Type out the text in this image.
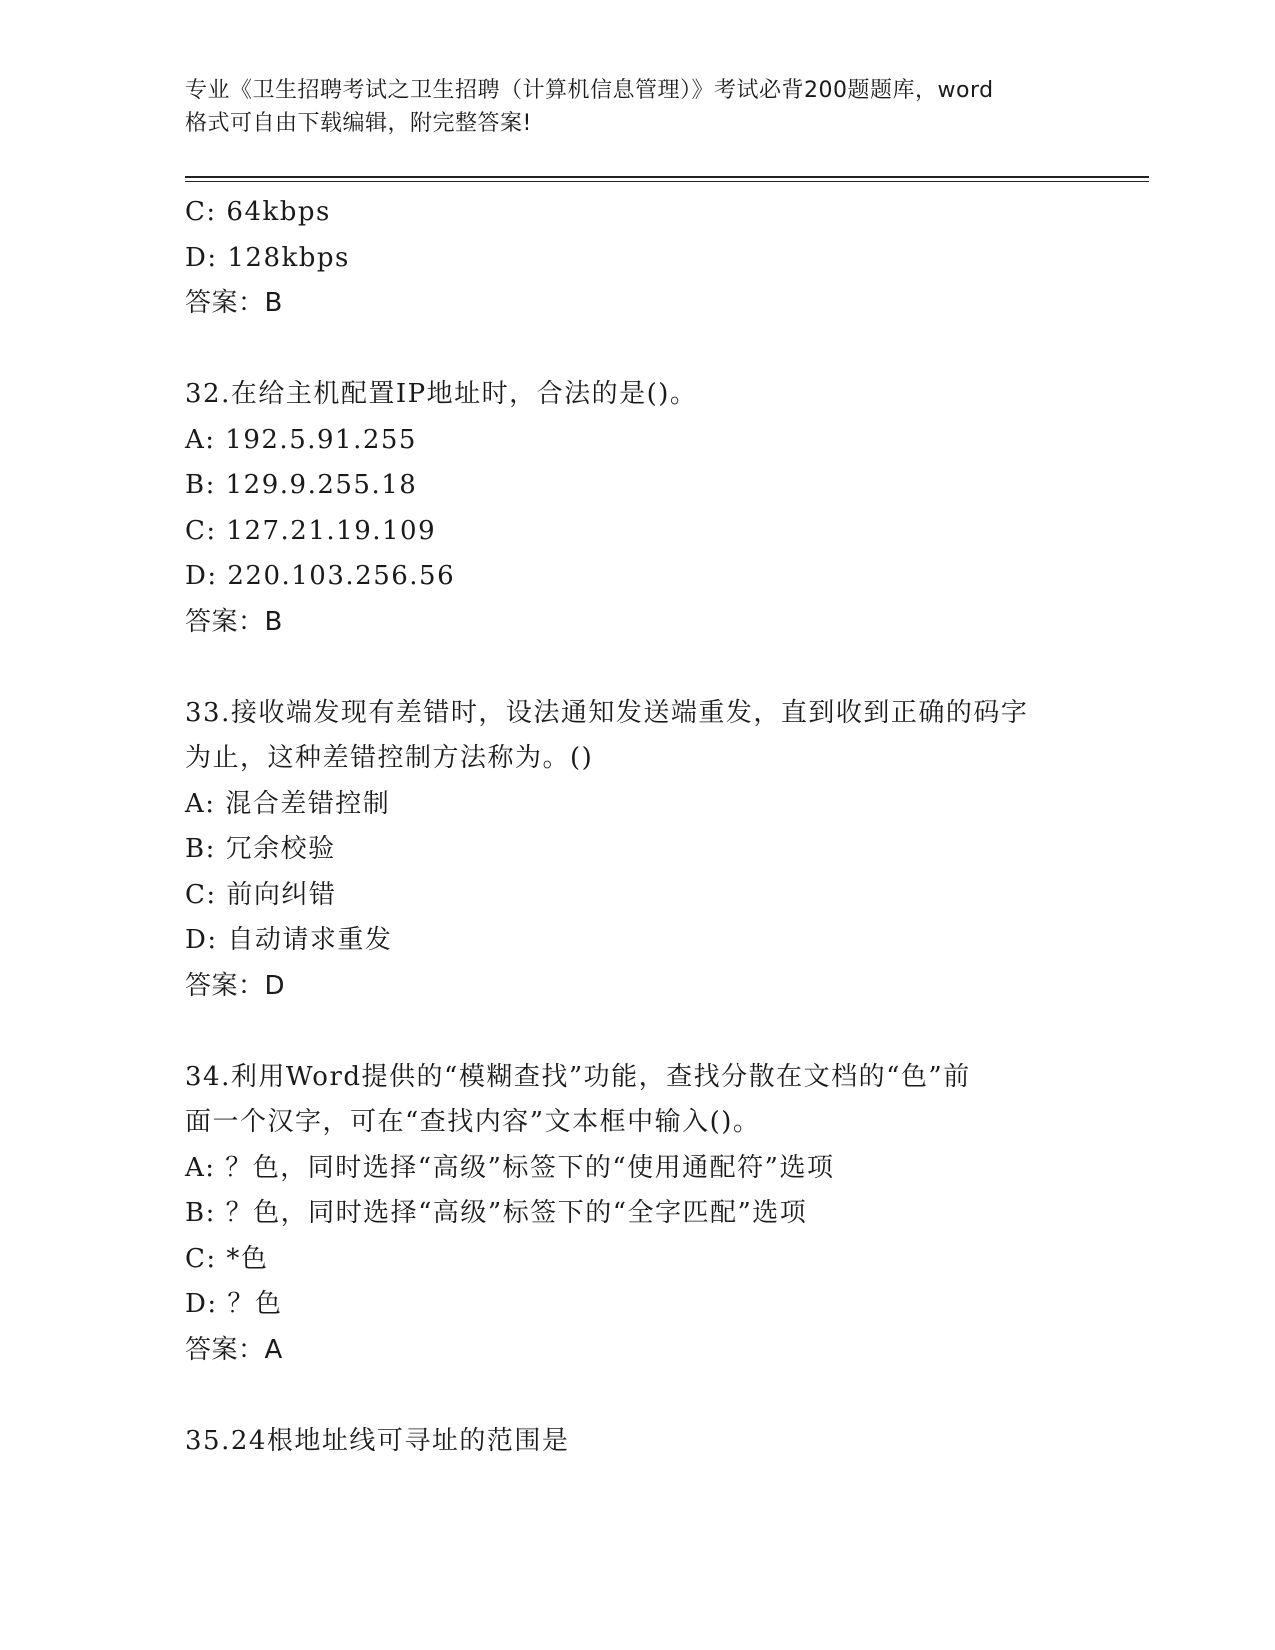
专业《卫生招聘考试之卫生招聘（计算机信息管理）》考试必背200题题库，word
格式可自由下载编辑，附完整答案!
C: 64kbps
D: 128kbps
答案：B
32.在给主机配置IP地址时，合法的是()。
A: 192.5.91.255
B: 129.9.255.18
C: 127.21.19.109
D: 220.103.256.56
答案：B
33.接收端发现有差错时，设法通知发送端重发，直到收到正确的码字
为止，这种差错控制方法称为。()
A: 混合差错控制
B: 冗余校验
C: 前向纠错
D: 自动请求重发
答案：D
34.利用Word提供的“模糊查找”功能，查找分散在文档的“色”前
面一个汉字，可在“查找内容”文本框中输入()。
A: ？色，同时选择“高级”标签下的“使用通配符”选项
B: ？色，同时选择“高级”标签下的“全字匹配”选项
C: *色
D: ？色
答案：A
35.24根地址线可寻址的范围是
